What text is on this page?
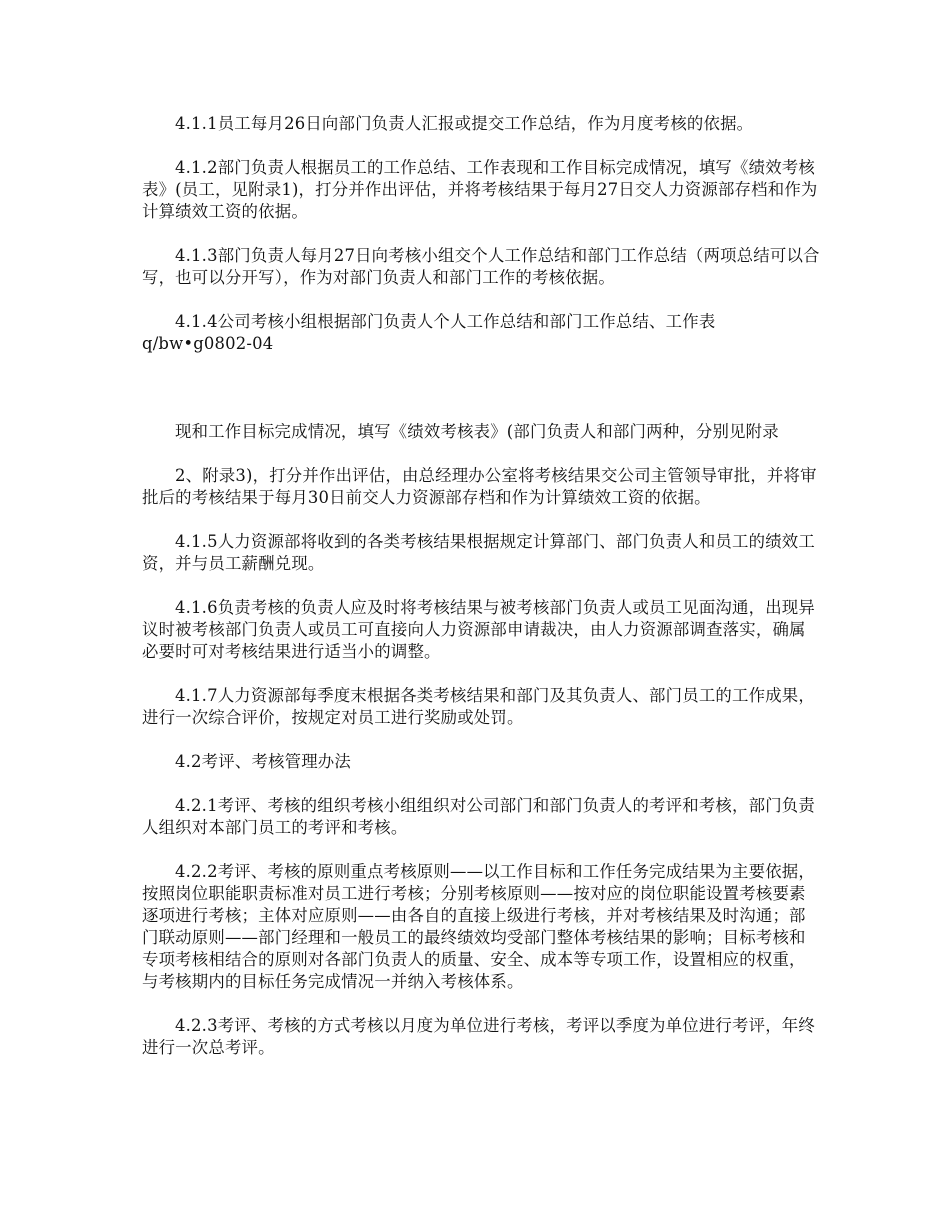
4.1.1员工每月26日向部门负责人汇报或提交工作总结，作为月度考核的依据。

4.1.2部门负责人根据员工的工作总结、工作表现和工作目标完成情况，填写《绩效考核表》(员工，见附录1)，打分并作出评估，并将考核结果于每月27日交人力资源部存档和作为计算绩效工资的依据。

4.1.3部门负责人每月27日向考核小组交个人工作总结和部门工作总结（两项总结可以合写，也可以分开写），作为对部门负责人和部门工作的考核依据。

4.1.4公司考核小组根据部门负责人个人工作总结和部门工作总结、工作表

q/bw•g0802-04

现和工作目标完成情况，填写《绩效考核表》(部门负责人和部门两种，分别见附录

2、附录3)，打分并作出评估，由总经理办公室将考核结果交公司主管领导审批，并将审批后的考核结果于每月30日前交人力资源部存档和作为计算绩效工资的依据。

4.1.5人力资源部将收到的各类考核结果根据规定计算部门、部门负责人和员工的绩效工资，并与员工薪酬兑现。

4.1.6负责考核的负责人应及时将考核结果与被考核部门负责人或员工见面沟通，出现异议时被考核部门负责人或员工可直接向人力资源部申请裁决，由人力资源部调查落实，确属必要时可对考核结果进行适当小的调整。

4.1.7人力资源部每季度末根据各类考核结果和部门及其负责人、部门员工的工作成果，进行一次综合评价，按规定对员工进行奖励或处罚。

4.2考评、考核管理办法

4.2.1考评、考核的组织考核小组组织对公司部门和部门负责人的考评和考核，部门负责人组织对本部门员工的考评和考核。

4.2.2考评、考核的原则重点考核原则——以工作目标和工作任务完成结果为主要依据，按照岗位职能职责标准对员工进行考核；分别考核原则——按对应的岗位职能设置考核要素逐项进行考核；主体对应原则——由各自的直接上级进行考核，并对考核结果及时沟通；部门联动原则——部门经理和一般员工的最终绩效均受部门整体考核结果的影响；目标考核和专项考核相结合的原则对各部门负责人的质量、安全、成本等专项工作，设置相应的权重，与考核期内的目标任务完成情况一并纳入考核体系。

4.2.3考评、考核的方式考核以月度为单位进行考核，考评以季度为单位进行考评，年终进行一次总考评。
